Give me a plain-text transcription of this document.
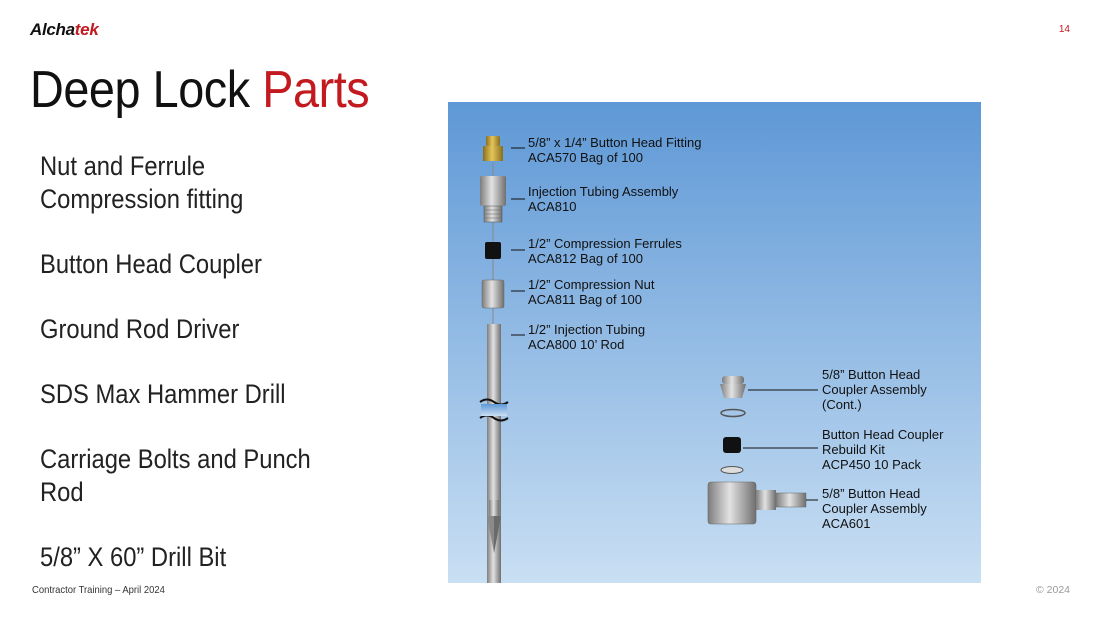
Alchatek	14
Deep Lock Parts
Nut and Ferrule Compression fitting
Button Head Coupler
Ground Rod Driver
SDS Max Hammer Drill
Carriage Bolts and Punch Rod
5/8” X 60” Drill Bit
5/8” x 1/4” Button Head Fitting
ACA570 Bag of 100
Injection Tubing Assembly
ACA810
1/2” Compression Ferrules
ACA812 Bag of 100
1/2” Compression Nut
ACA811 Bag of 100
1/2” Injection Tubing
ACA800 10’ Rod
5/8” Button Head
Coupler Assembly
(Cont.)
Button Head Coupler
Rebuild Kit
ACP450 10 Pack
5/8” Button Head
Coupler Assembly
ACA601
Contractor Training – April 2024	© 2024
